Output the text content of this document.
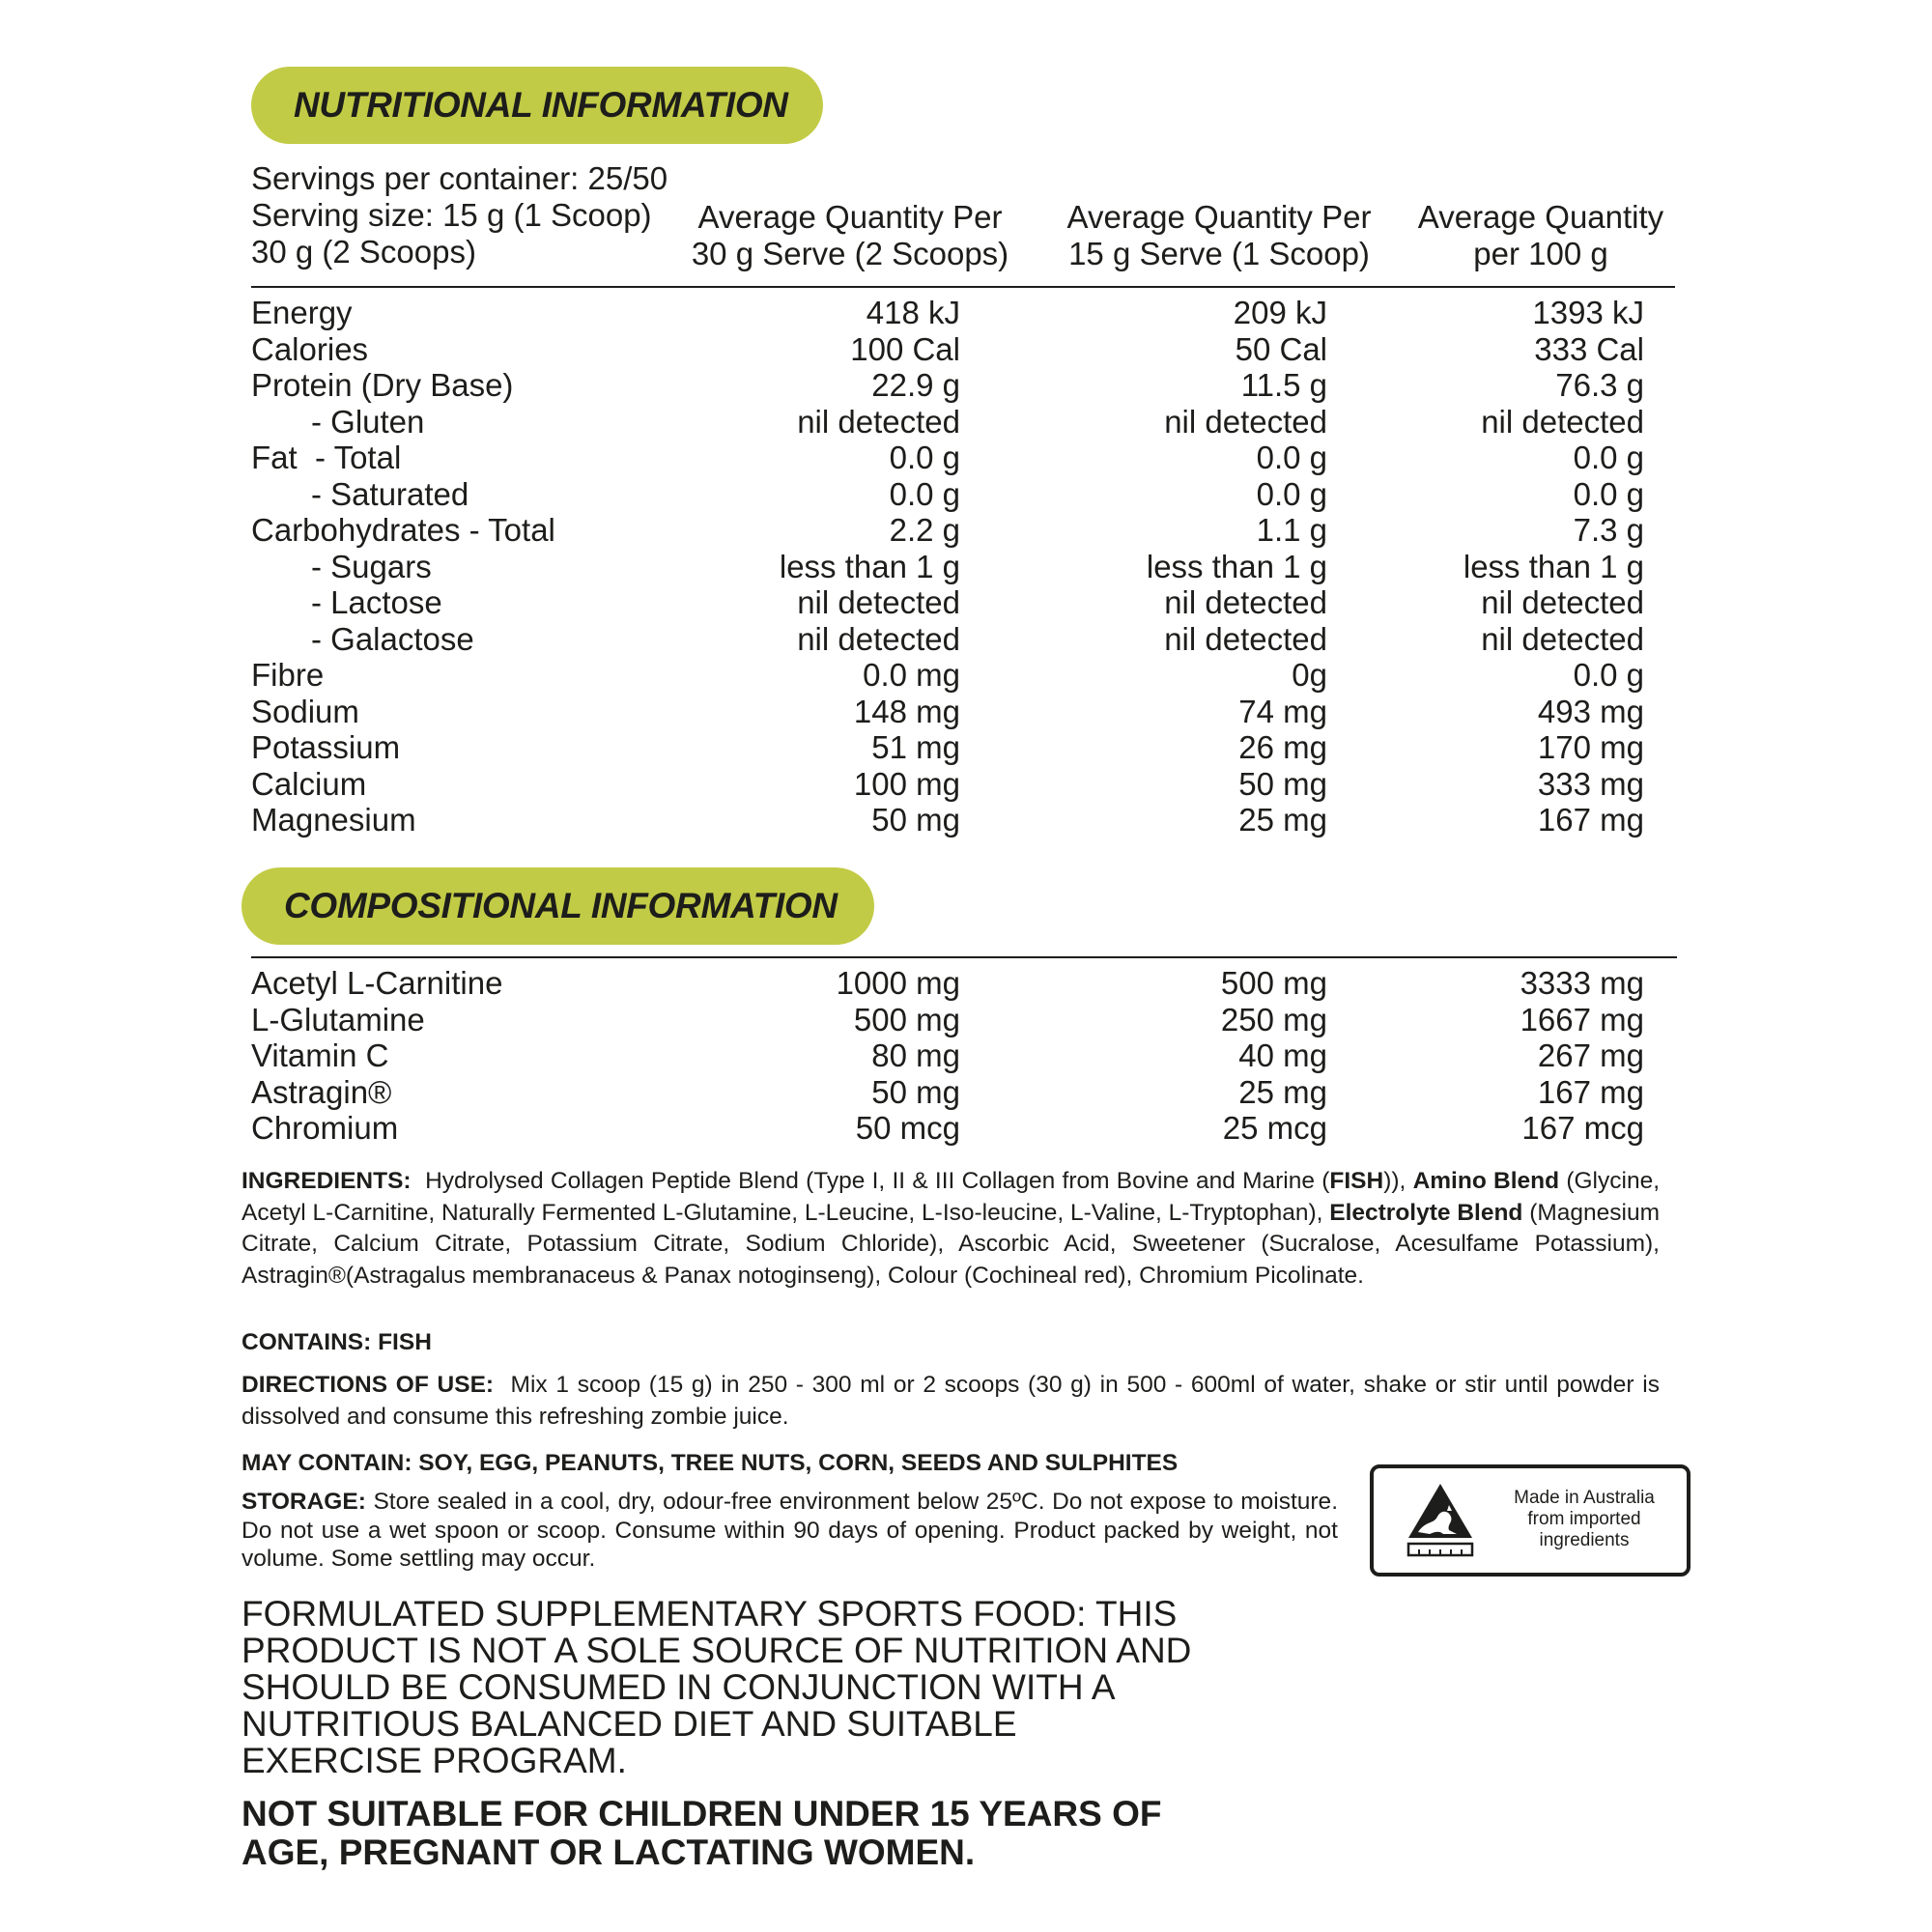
NUTRITIONAL INFORMATION
Servings per container: 25/50
Serving size: 15 g (1 Scoop)
30 g (2 Scoops)
Average Quantity Per
30 g Serve (2 Scoops)
Average Quantity Per
15 g Serve (1 Scoop)
Average Quantity
per 100 g
Energy	418 kJ	209 kJ	1393 kJ
Calories	100 Cal	50 Cal	333 Cal
Protein (Dry Base)	22.9 g	11.5 g	76.3 g
- Gluten	nil detected	nil detected	nil detected
Fat  - Total	0.0 g	0.0 g	0.0 g
- Saturated	0.0 g	0.0 g	0.0 g
Carbohydrates - Total	2.2 g	1.1 g	7.3 g
- Sugars	less than 1 g	less than 1 g	less than 1 g
- Lactose	nil detected	nil detected	nil detected
- Galactose	nil detected	nil detected	nil detected
Fibre	0.0 mg	0g	0.0 g
Sodium	148 mg	74 mg	493 mg
Potassium	51 mg	26 mg	170 mg
Calcium	100 mg	50 mg	333 mg
Magnesium	50 mg	25 mg	167 mg
COMPOSITIONAL INFORMATION
Acetyl L-Carnitine	1000 mg	500 mg	3333 mg
L-Glutamine	500 mg	250 mg	1667 mg
Vitamin C	80 mg	40 mg	267 mg
Astragin®	50 mg	25 mg	167 mg
Chromium	50 mcg	25 mcg	167 mcg
INGREDIENTS:  Hydrolysed Collagen Peptide Blend (Type I, II & III Collagen from Bovine and Marine (FISH)), Amino Blend (Glycine, Acetyl L-Carnitine, Naturally Fermented L-Glutamine, L-Leucine, L-Iso-leucine, L-Valine, L-Tryptophan), Electrolyte Blend (Magnesium Citrate, Calcium Citrate, Potassium Citrate, Sodium Chloride), Ascorbic Acid, Sweetener (Sucralose, Acesulfame Potassium), Astragin®(Astragalus membranaceus & Panax notoginseng), Colour (Cochineal red), Chromium Picolinate.
CONTAINS: FISH
DIRECTIONS OF USE:  Mix 1 scoop (15 g) in 250 - 300 ml or 2 scoops (30 g) in 500 - 600ml of water, shake or stir until powder is dissolved and consume this refreshing zombie juice.
MAY CONTAIN: SOY, EGG, PEANUTS, TREE NUTS, CORN, SEEDS AND SULPHITES
STORAGE: Store sealed in a cool, dry, odour-free environment below 25ºC. Do not expose to moisture. Do not use a wet spoon or scoop. Consume within 90 days of opening. Product packed by weight, not volume. Some settling may occur.
Made in Australia
from imported
ingredients
FORMULATED SUPPLEMENTARY SPORTS FOOD: THIS PRODUCT IS NOT A SOLE SOURCE OF NUTRITION AND SHOULD BE CONSUMED IN CONJUNCTION WITH A NUTRITIOUS BALANCED DIET AND SUITABLE EXERCISE PROGRAM.
NOT SUITABLE FOR CHILDREN UNDER 15 YEARS OF AGE, PREGNANT OR LACTATING WOMEN.
